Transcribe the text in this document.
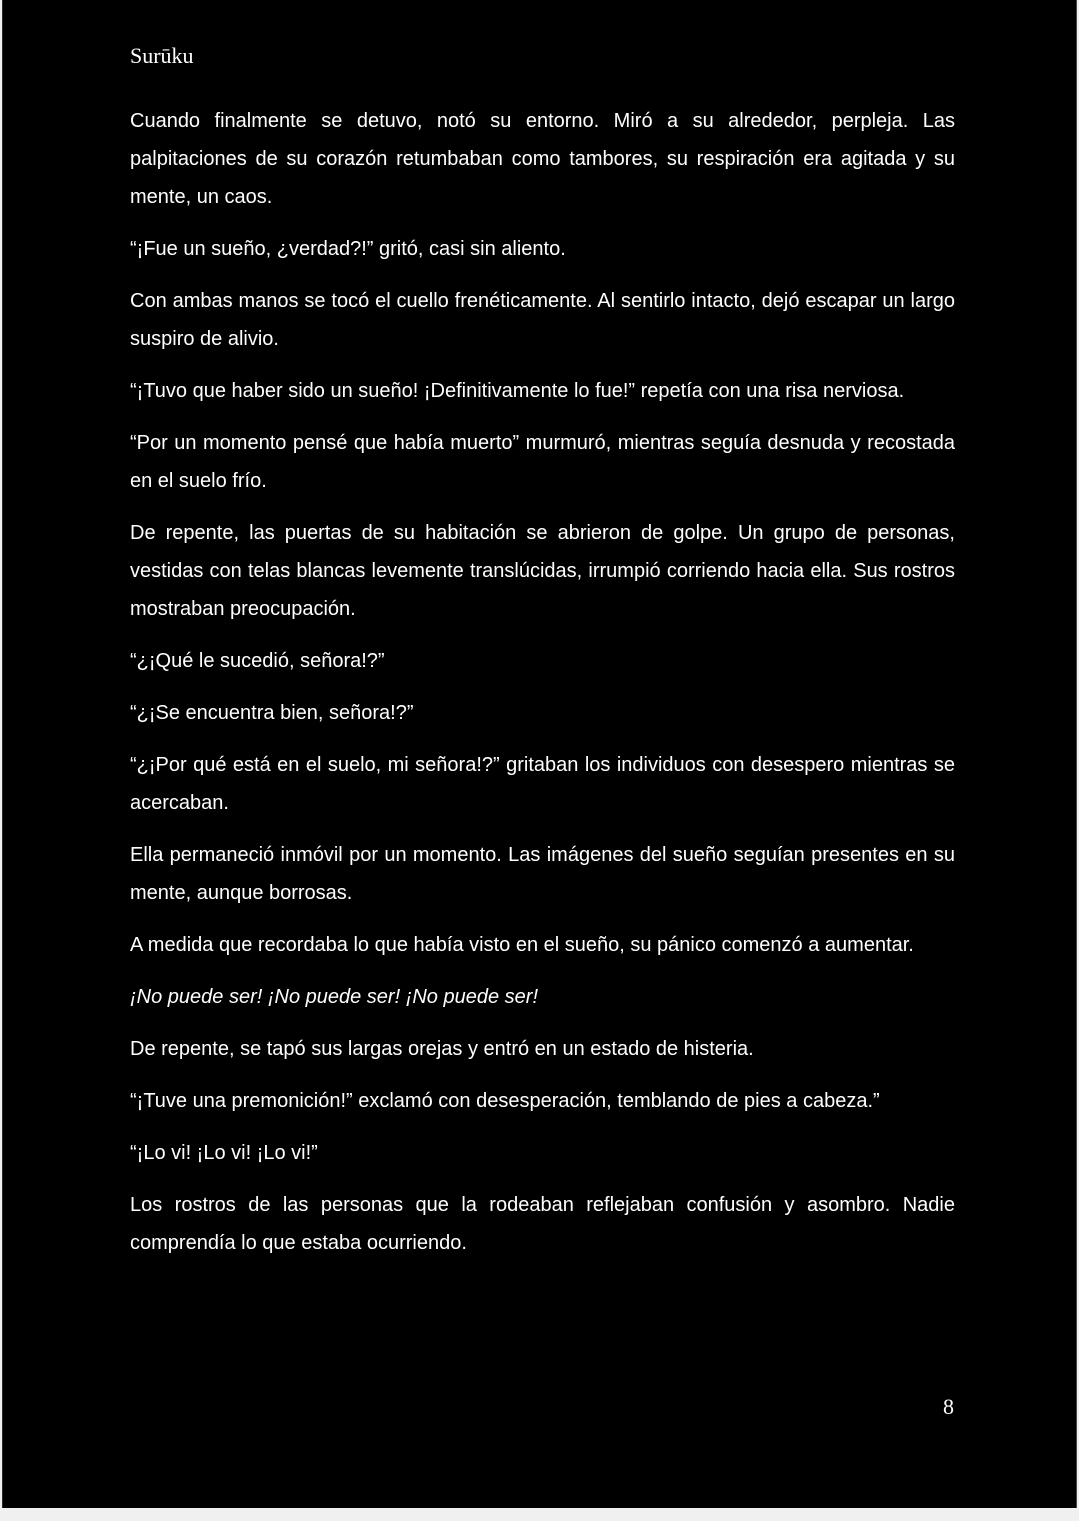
Surūku

Cuando finalmente se detuvo, notó su entorno. Miró a su alrededor, perpleja. Las palpitaciones de su corazón retumbaban como tambores, su respiración era agitada y su mente, un caos.

“¡Fue un sueño, ¿verdad?!” gritó, casi sin aliento.

Con ambas manos se tocó el cuello frenéticamente. Al sentirlo intacto, dejó escapar un largo suspiro de alivio.

“¡Tuvo que haber sido un sueño! ¡Definitivamente lo fue!” repetía con una risa nerviosa.

“Por un momento pensé que había muerto” murmuró, mientras seguía desnuda y recostada en el suelo frío.

De repente, las puertas de su habitación se abrieron de golpe. Un grupo de personas, vestidas con telas blancas levemente translúcidas, irrumpió corriendo hacia ella. Sus rostros mostraban preocupación.

“¿¡Qué le sucedió, señora!?”

“¿¡Se encuentra bien, señora!?”

“¿¡Por qué está en el suelo, mi señora!?” gritaban los individuos con desespero mientras se acercaban.

Ella permaneció inmóvil por un momento. Las imágenes del sueño seguían presentes en su mente, aunque borrosas.

A medida que recordaba lo que había visto en el sueño, su pánico comenzó a aumentar.

¡No puede ser! ¡No puede ser! ¡No puede ser!

De repente, se tapó sus largas orejas y entró en un estado de histeria.

“¡Tuve una premonición!” exclamó con desesperación, temblando de pies a cabeza.”

“¡Lo vi! ¡Lo vi! ¡Lo vi!”

Los rostros de las personas que la rodeaban reflejaban confusión y asombro. Nadie comprendía lo que estaba ocurriendo.

8
